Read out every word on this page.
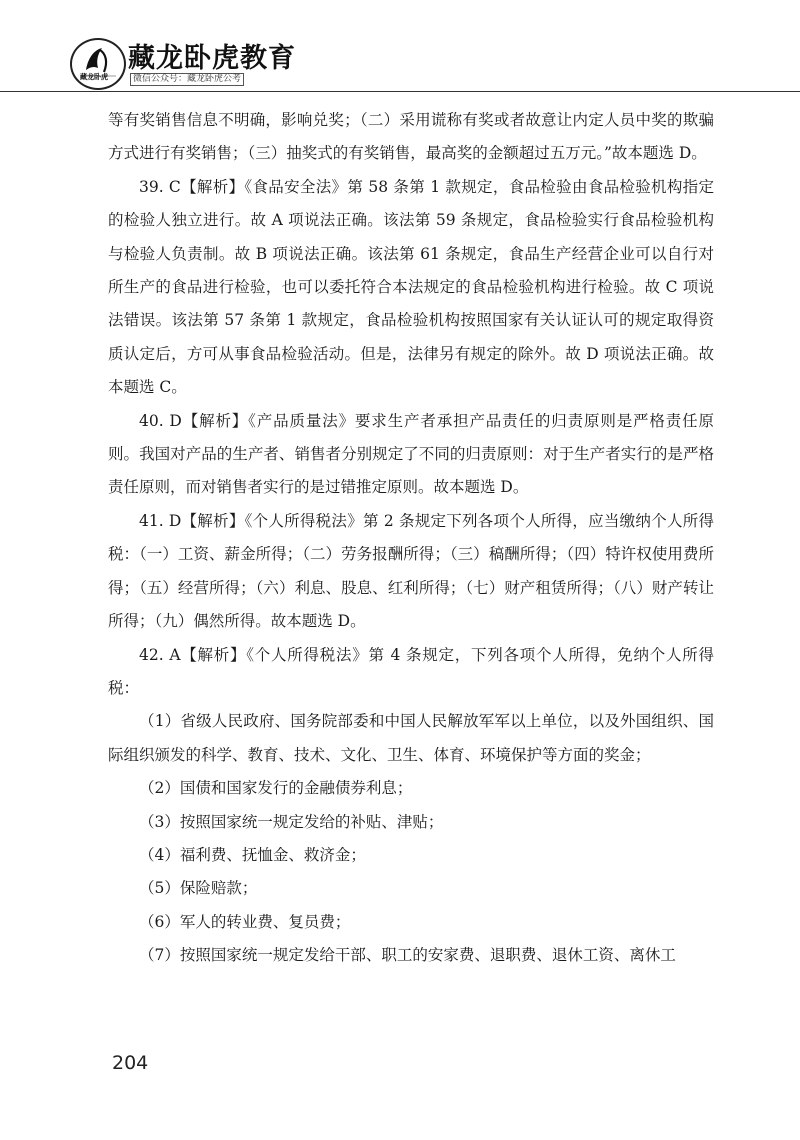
藏龙卧虎
藏龙卧虎教育
微信公众号：藏龙卧虎公考

等有奖销售信息不明确，影响兑奖；（二）采用谎称有奖或者故意让内定人员中奖的欺骗方式进行有奖销售；（三）抽奖式的有奖销售，最高奖的金额超过五万元。”故本题选 D。

39. C【解析】《食品安全法》第 58 条第 1 款规定，食品检验由食品检验机构指定的检验人独立进行。故 A 项说法正确。该法第 59 条规定，食品检验实行食品检验机构与检验人负责制。故 B 项说法正确。该法第 61 条规定，食品生产经营企业可以自行对所生产的食品进行检验，也可以委托符合本法规定的食品检验机构进行检验。故 C 项说法错误。该法第 57 条第 1 款规定，食品检验机构按照国家有关认证认可的规定取得资质认定后，方可从事食品检验活动。但是，法律另有规定的除外。故 D 项说法正确。故本题选 C。

40. D【解析】《产品质量法》要求生产者承担产品责任的归责原则是严格责任原则。我国对产品的生产者、销售者分别规定了不同的归责原则：对于生产者实行的是严格责任原则，而对销售者实行的是过错推定原则。故本题选 D。

41. D【解析】《个人所得税法》第 2 条规定下列各项个人所得，应当缴纳个人所得税：（一）工资、薪金所得；（二）劳务报酬所得；（三）稿酬所得；（四）特许权使用费所得；（五）经营所得；（六）利息、股息、红利所得；（七）财产租赁所得；（八）财产转让所得；（九）偶然所得。故本题选 D。

42. A【解析】《个人所得税法》第 4 条规定，下列各项个人所得，免纳个人所得税：

（1）省级人民政府、国务院部委和中国人民解放军军以上单位，以及外国组织、国际组织颁发的科学、教育、技术、文化、卫生、体育、环境保护等方面的奖金；

（2）国债和国家发行的金融债券利息；

（3）按照国家统一规定发给的补贴、津贴；

（4）福利费、抚恤金、救济金；

（5）保险赔款；

（6）军人的转业费、复员费；

（7）按照国家统一规定发给干部、职工的安家费、退职费、退休工资、离休工

204
